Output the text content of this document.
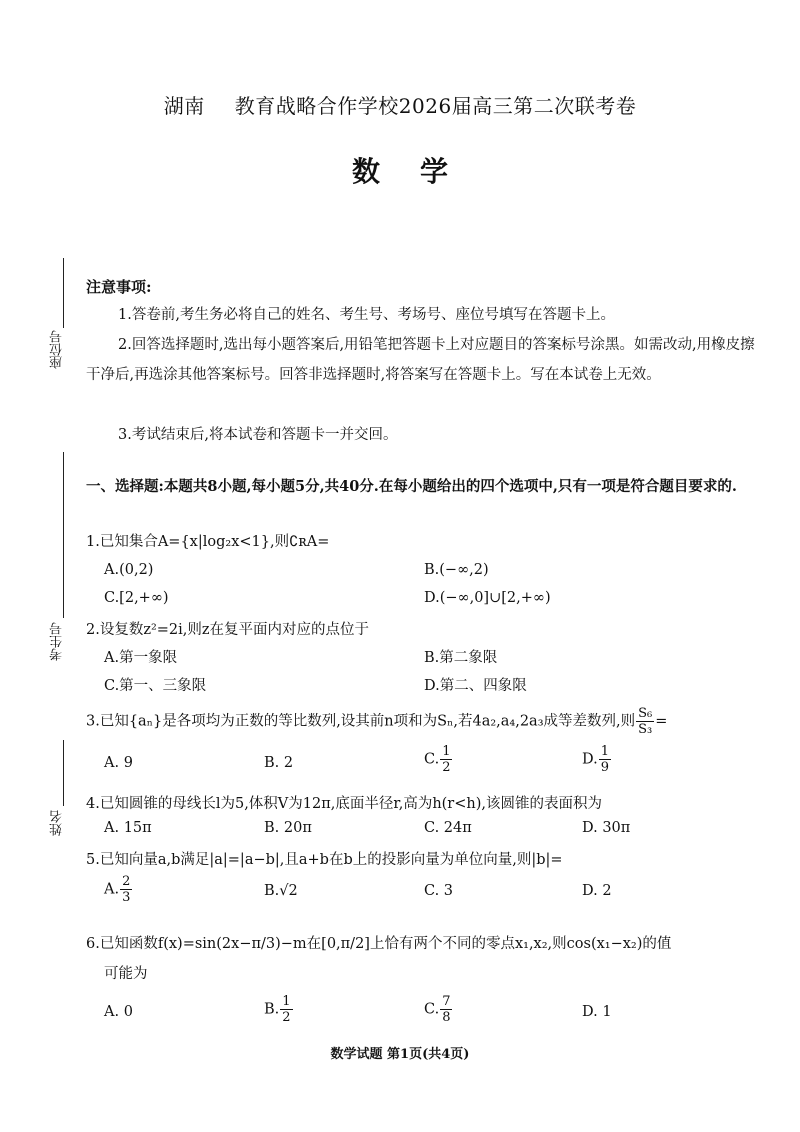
湖南 教育战略合作学校2026届高三第二次联考卷
数学
座位号
考生号
姓名
注意事项:
1.答卷前,考生务必将自己的姓名、考生号、考场号、座位号填写在答题卡上。
2.回答选择题时,选出每小题答案后,用铅笔把答题卡上对应题目的答案标号涂黑。如需改动,用橡皮擦干净后,再选涂其他答案标号。回答非选择题时,将答案写在答题卡上。写在本试卷上无效。
3.考试结束后,将本试卷和答题卡一并交回。
一、选择题:本题共8小题,每小题5分,共40分.在每小题给出的四个选项中,只有一项是符合题目要求的.
1.已知集合A={x|log₂x<1},则∁ʀA=
A.(0,2)	B.(−∞,2)
C.[2,+∞)	D.(−∞,0]∪[2,+∞)
2.设复数z²=2i,则z在复平面内对应的点位于
A.第一象限	B.第二象限
C.第一、三象限	D.第二、四象限
3.已知{aₙ}是各项均为正数的等比数列,设其前n项和为Sₙ,若4a₂,a₄,2a₃成等差数列,则 $\frac{\text{S₆}}{\text{S₃}}$ =
A. 9	B. 2	C. $\frac{1}{2}$	D. $\frac{1}{9}$
4.已知圆锥的母线长l为5,体积V为12π,底面半径r,高为h(r<h),该圆锥的表面积为
A. 15π	B. 20π	C. 24π	D. 30π
5.已知向量a,b满足|a|=|a−b|,且a+b在b上的投影向量为单位向量,则|b|=
A. $\frac{2}{3}$	B.√2	C. 3	D. 2
6.已知函数f(x)=sin(2x−π/3)−m在[0,π/2]上恰有两个不同的零点x₁,x₂,则cos(x₁−x₂)的值
可能为
A. 0	B. $\frac{1}{2}$	C. $\frac{7}{8}$	D. 1
数学试题 第1页(共4页)
